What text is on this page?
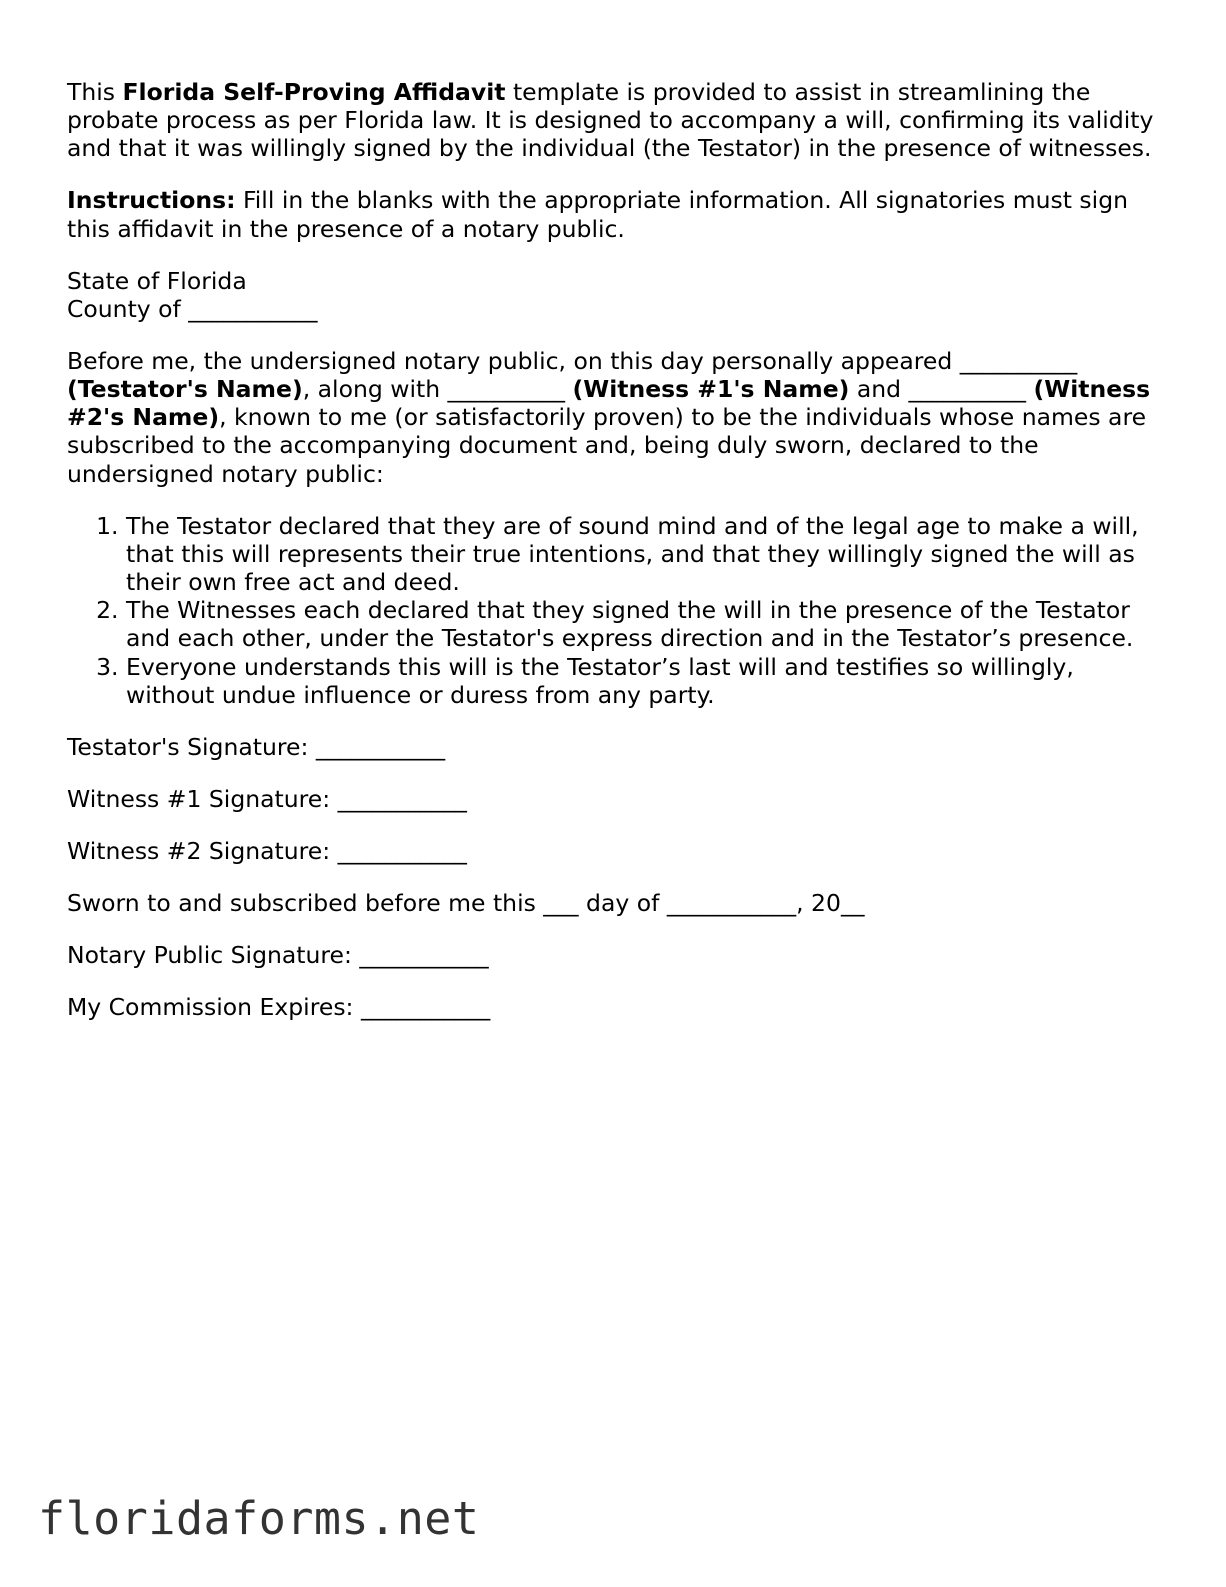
This Florida Self-Proving Affidavit template is provided to assist in streamlining the probate process as per Florida law. It is designed to accompany a will, confirming its validity and that it was willingly signed by the individual (the Testator) in the presence of witnesses.

Instructions: Fill in the blanks with the appropriate information. All signatories must sign this affidavit in the presence of a notary public.

State of Florida
County of ___________

Before me, the undersigned notary public, on this day personally appeared __________ (Testator's Name), along with __________ (Witness #1's Name) and __________ (Witness #2's Name), known to me (or satisfactorily proven) to be the individuals whose names are subscribed to the accompanying document and, being duly sworn, declared to the undersigned notary public:

1. The Testator declared that they are of sound mind and of the legal age to make a will, that this will represents their true intentions, and that they willingly signed the will as their own free act and deed.
2. The Witnesses each declared that they signed the will in the presence of the Testator and each other, under the Testator's express direction and in the Testator’s presence.
3. Everyone understands this will is the Testator’s last will and testifies so willingly, without undue influence or duress from any party.
Testator's Signature: ___________
Witness #1 Signature: ___________
Witness #2 Signature: ___________
Sworn to and subscribed before me this ___ day of ___________, 20__
Notary Public Signature: ___________
My Commission Expires: ___________
floridaforms.net
